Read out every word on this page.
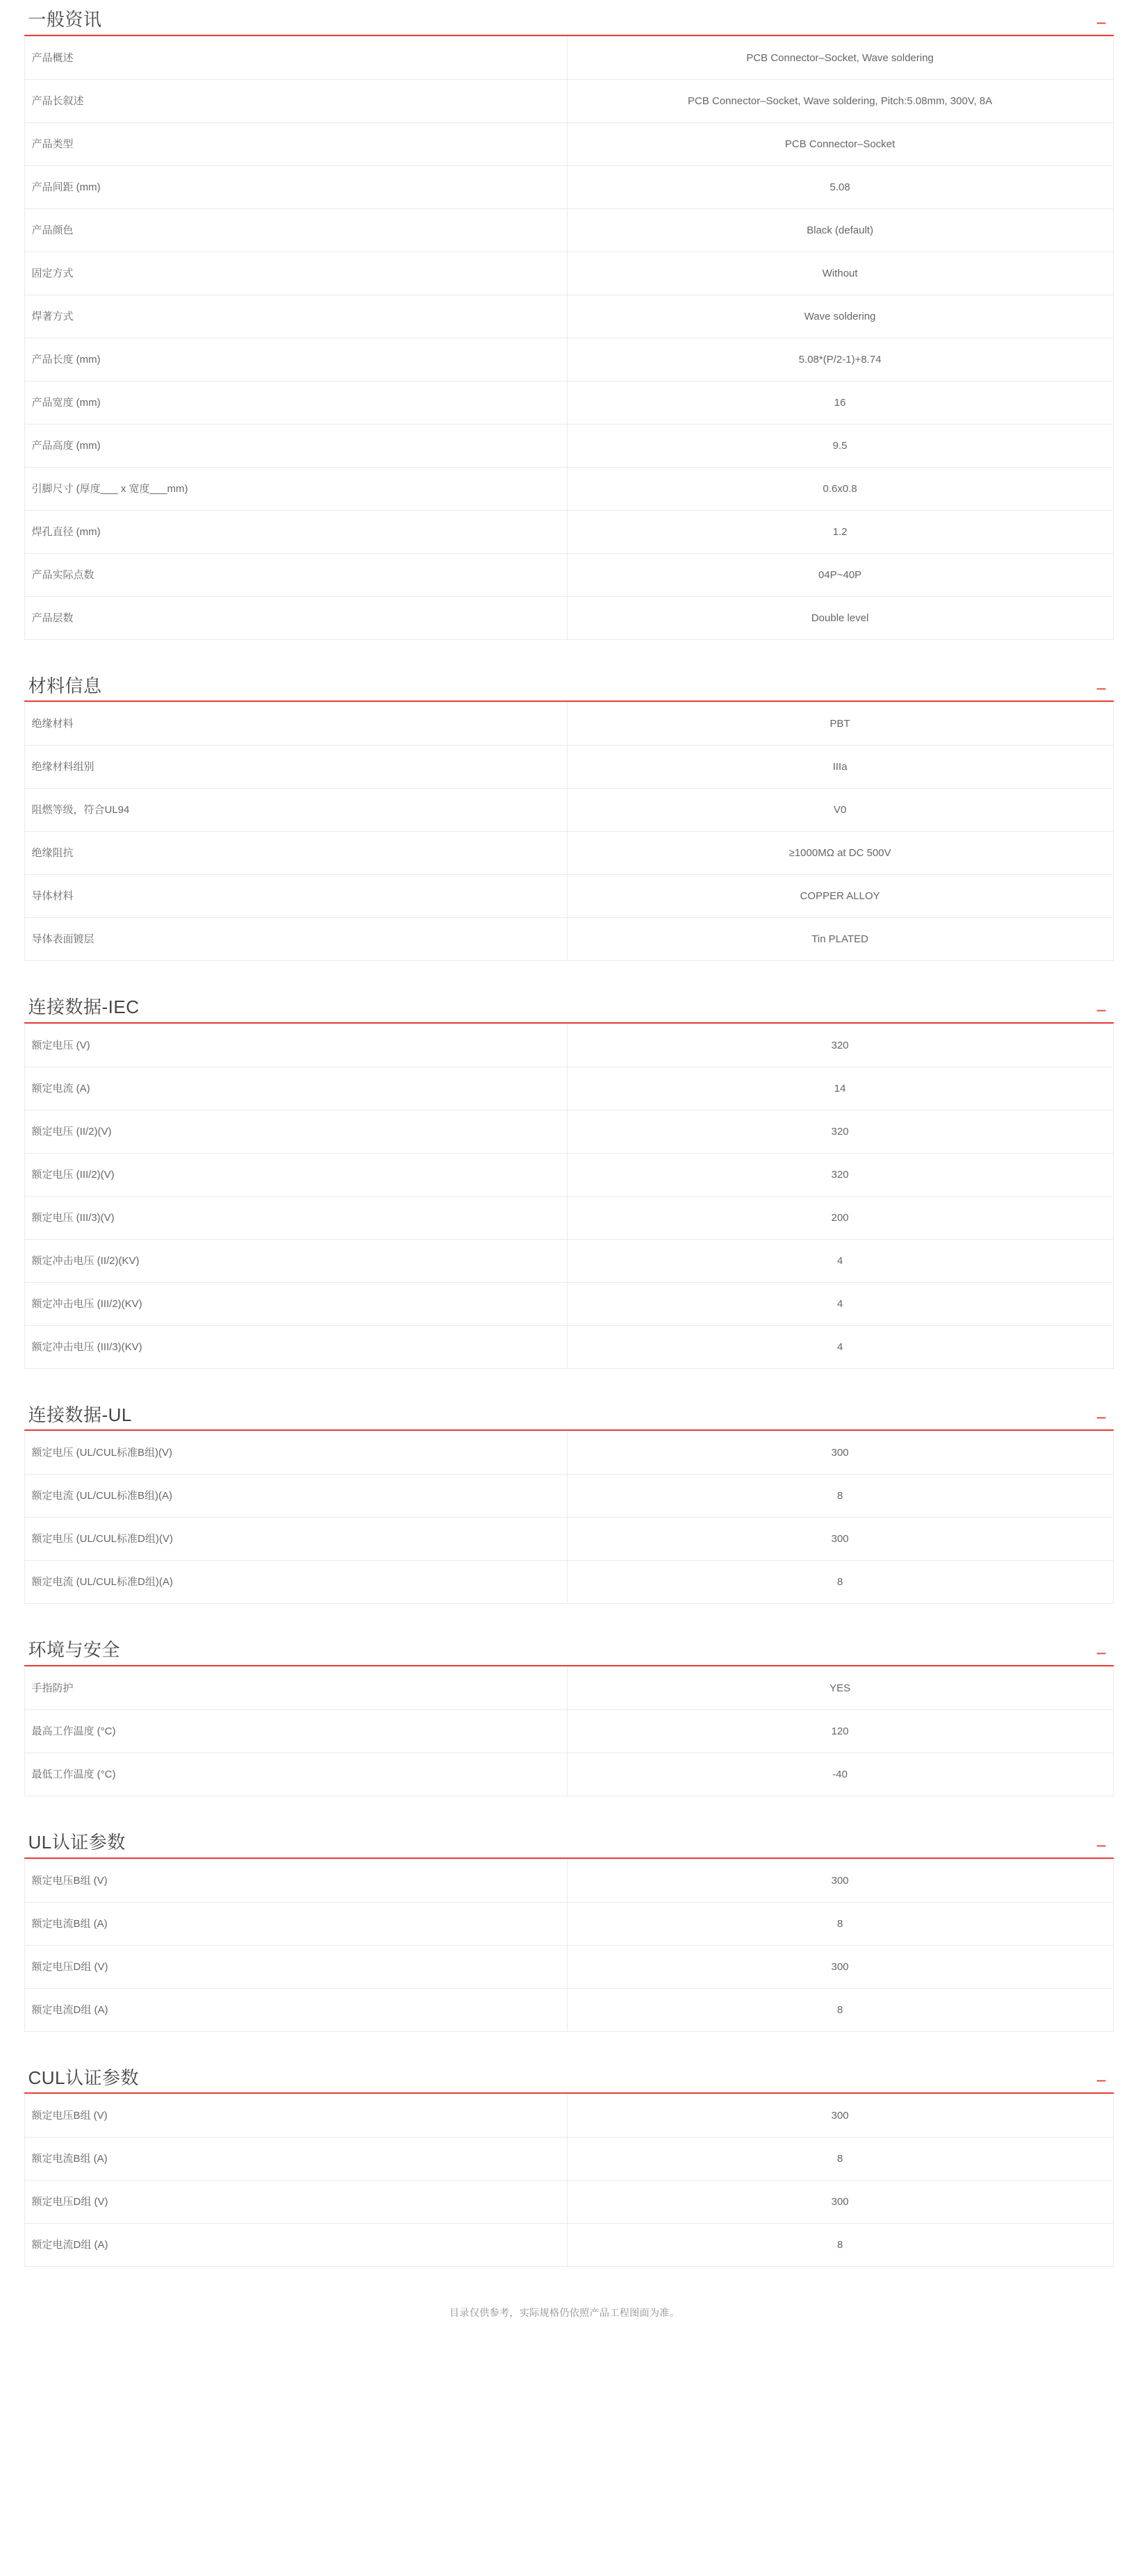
一般资讯	−
产品概述	PCB Connector–Socket, Wave soldering
产品长叙述	PCB Connector–Socket, Wave soldering, Pitch:5.08mm, 300V, 8A
产品类型	PCB Connector–Socket
产品间距 (mm)	5.08
产品颜色	Black (default)
固定方式	Without
焊著方式	Wave soldering
产品长度 (mm)	5.08*(P/2-1)+8.74
产品宽度 (mm)	16
产品高度 (mm)	9.5
引脚尺寸 (厚度___ x 宽度___mm)	0.6x0.8
焊孔直径 (mm)	1.2
产品实际点数	04P~40P
产品层数	Double level
材料信息	−
绝缘材料	PBT
绝缘材料组别	IIIa
阻燃等级，符合UL94	V0
绝缘阻抗	≥1000MΩ at DC 500V
导体材料	COPPER ALLOY
导体表面镀层	Tin PLATED
连接数据-IEC	−
额定电压 (V)	320
额定电流 (A)	14
额定电压 (II/2)(V)	320
额定电压 (III/2)(V)	320
额定电压 (III/3)(V)	200
额定冲击电压 (II/2)(KV)	4
额定冲击电压 (III/2)(KV)	4
额定冲击电压 (III/3)(KV)	4
连接数据-UL	−
额定电压 (UL/CUL标准B组)(V)	300
额定电流 (UL/CUL标准B组)(A)	8
额定电压 (UL/CUL标准D组)(V)	300
额定电流 (UL/CUL标准D组)(A)	8
环境与安全	−
手指防护	YES
最高工作温度 (°C)	120
最低工作温度 (°C)	-40
UL认证参数	−
额定电压B组 (V)	300
额定电流B组 (A)	8
额定电压D组 (V)	300
额定电流D组 (A)	8
CUL认证参数	−
额定电压B组 (V)	300
额定电流B组 (A)	8
额定电压D组 (V)	300
额定电流D组 (A)	8
目录仅供参考，实际规格仍依照产品工程图面为准。
